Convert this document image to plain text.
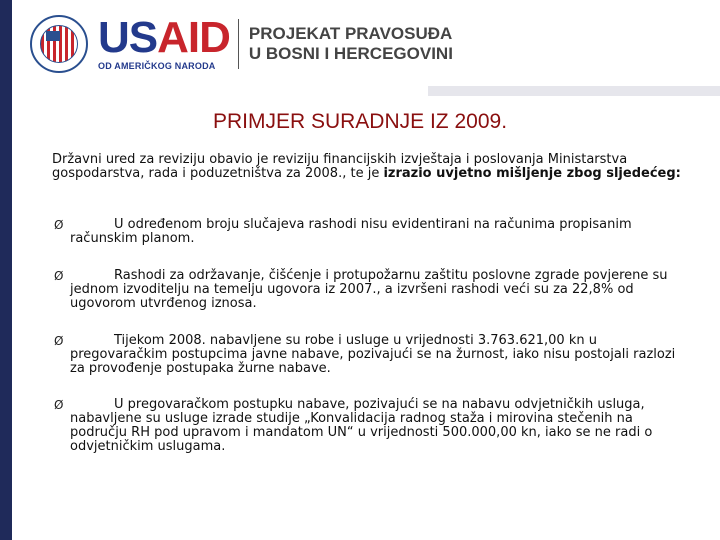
USAID
OD AMERIČKOG NARODA
PROJEKAT PRAVOSUĐA
U BOSNI I HERCEGOVINI
PRIMJER SURADNJE IZ 2009.
Državni ured za reviziju obavio je reviziju financijskih izvještaja i poslovanja Ministarstva gospodarstva, rada i poduzetništva za 2008., te je izrazio uvjetno mišljenje zbog sljedećeg:
Ø	U određenom broju slučajeva rashodi nisu evidentirani na računima propisanim računskim planom.
Ø	Rashodi za održavanje, čišćenje i protupožarnu zaštitu poslovne zgrade povjerene su jednom izvoditelju na temelju ugovora iz 2007., a izvršeni rashodi veći su za 22,8% od ugovorom utvrđenog iznosa.
Ø	Tijekom 2008. nabavljene su robe i usluge u vrijednosti 3.763.621,00 kn u pregovaračkim postupcima javne nabave, pozivajući se na žurnost, iako nisu postojali razlozi za provođenje postupaka žurne nabave.
Ø	U pregovaračkom postupku nabave, pozivajući se na nabavu odvjetničkih usluga, nabavljene su usluge izrade studije „Konvalidacija radnog staža i mirovina stečenih na području RH pod upravom i mandatom UN“ u vrijednosti 500.000,00 kn, iako se ne radi o odvjetničkim uslugama.
